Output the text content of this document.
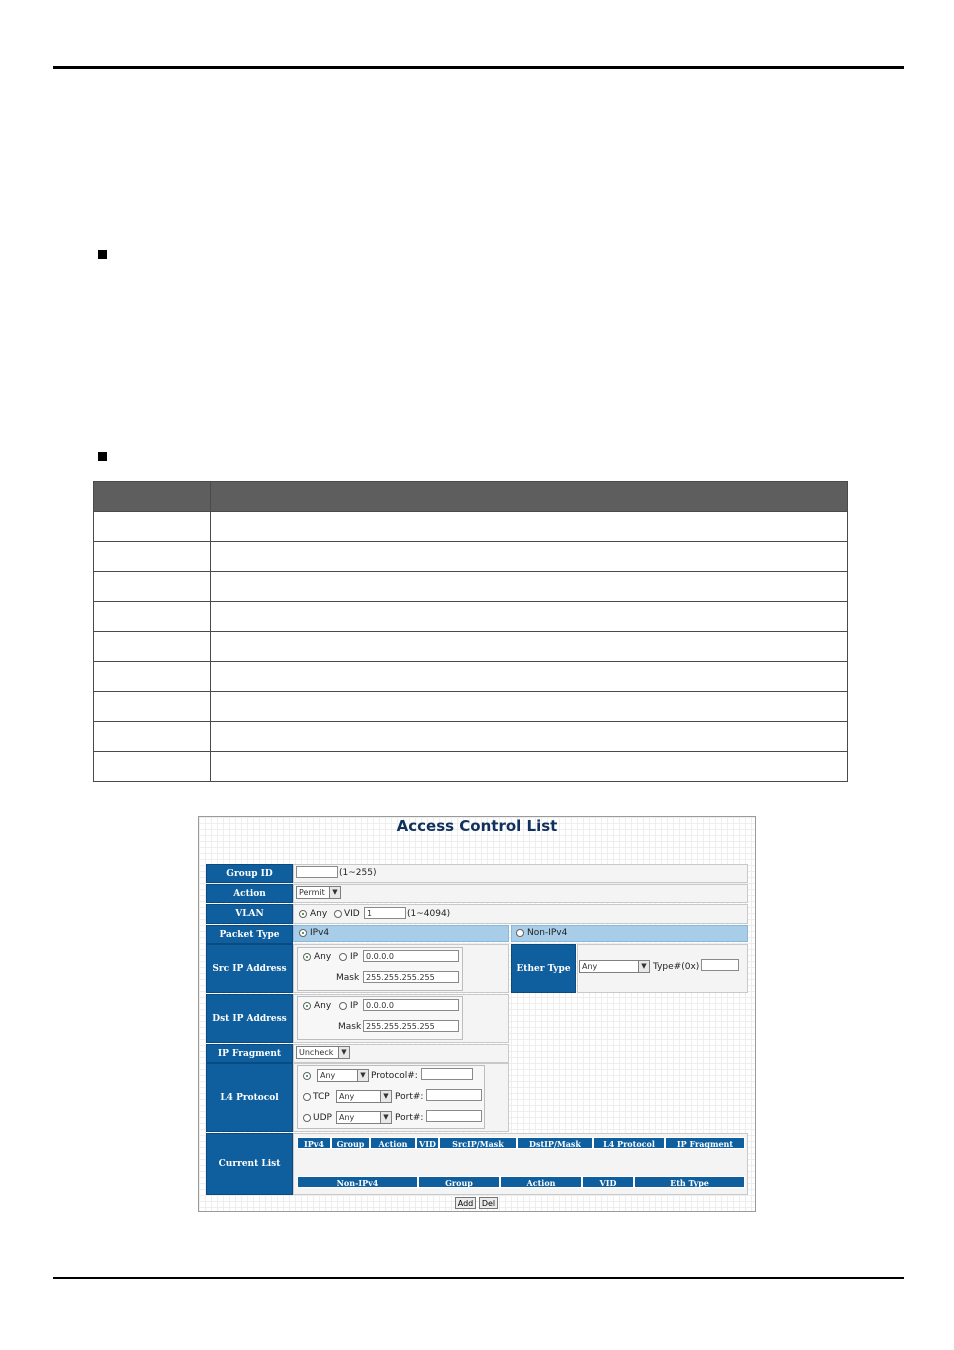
Access Control List
Group ID	(1~255)
Action	Permit	▼
VLAN	Any VID 1	(1~4094)
Packet Type	IPv4	Non-IPv4
Src IP Address
Any IP 0.0.0.0
Mask 255.255.255.255
Ether Type	Any	▼ Type#(0x)
Dst IP Address
Any IP 0.0.0.0
Mask 255.255.255.255
IP Fragment	Uncheck	▼
L4 Protocol
Any	▼ Protocol#:
TCP	Any	▼ Port#:
UDP Any	▼ Port#:
Current List
IPv4	Group	Action	VID	SrcIP/Mask	DstIP/Mask	L4 Protocol	IP Fragment
Non-IPv4	Group	Action	VID	Eth Type
Add	Del
